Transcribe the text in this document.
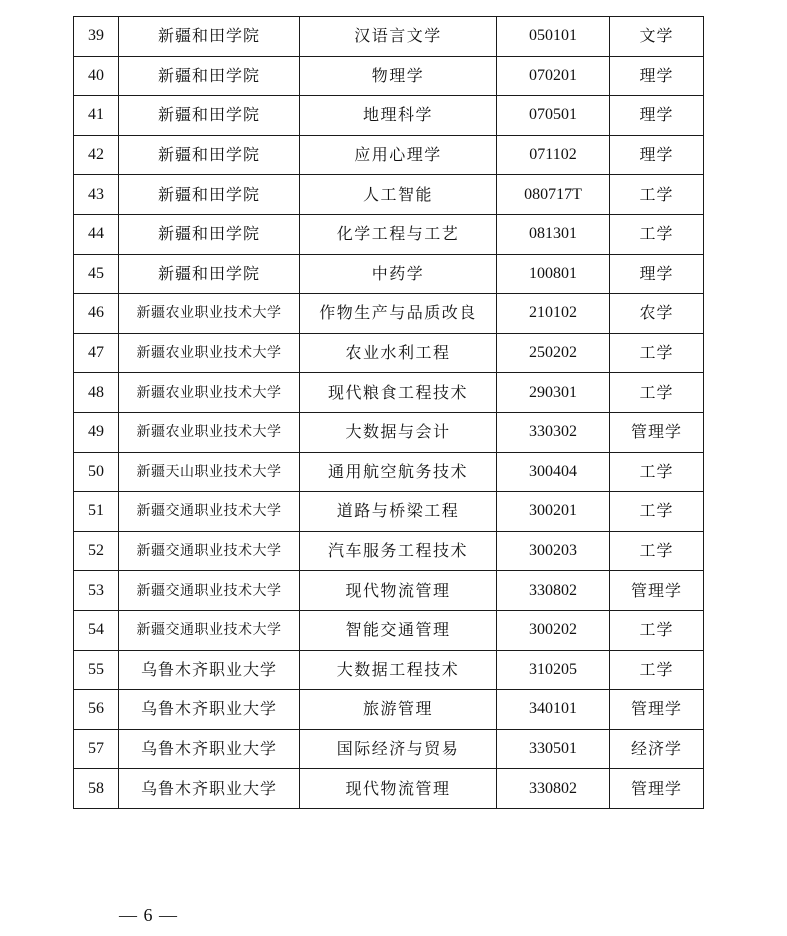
39	新疆和田学院	汉语言文学	050101	文学
40	新疆和田学院	物理学	070201	理学
41	新疆和田学院	地理科学	070501	理学
42	新疆和田学院	应用心理学	071102	理学
43	新疆和田学院	人工智能	080717T	工学
44	新疆和田学院	化学工程与工艺	081301	工学
45	新疆和田学院	中药学	100801	理学
46	新疆农业职业技术大学	作物生产与品质改良	210102	农学
47	新疆农业职业技术大学	农业水利工程	250202	工学
48	新疆农业职业技术大学	现代粮食工程技术	290301	工学
49	新疆农业职业技术大学	大数据与会计	330302	管理学
50	新疆天山职业技术大学	通用航空航务技术	300404	工学
51	新疆交通职业技术大学	道路与桥梁工程	300201	工学
52	新疆交通职业技术大学	汽车服务工程技术	300203	工学
53	新疆交通职业技术大学	现代物流管理	330802	管理学
54	新疆交通职业技术大学	智能交通管理	300202	工学
55	乌鲁木齐职业大学	大数据工程技术	310205	工学
56	乌鲁木齐职业大学	旅游管理	340101	管理学
57	乌鲁木齐职业大学	国际经济与贸易	330501	经济学
58	乌鲁木齐职业大学	现代物流管理	330802	管理学
— 6 —
